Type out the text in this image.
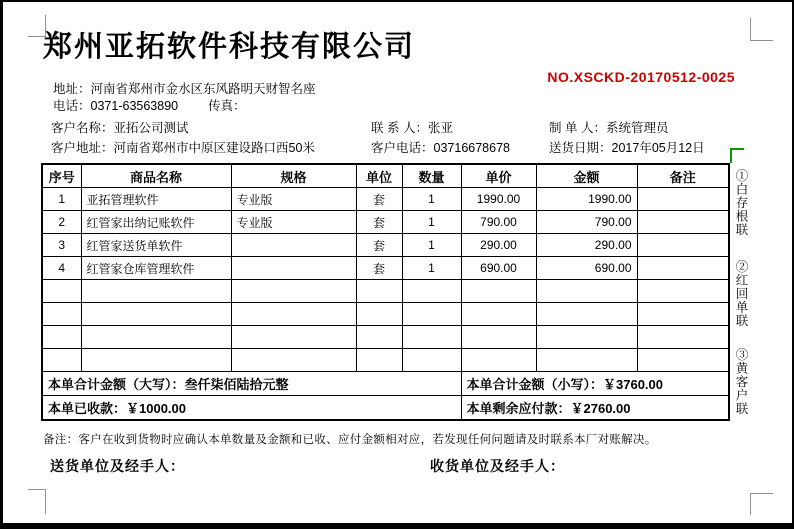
郑州亚拓软件科技有限公司
NO.XSCKD-20170512-0025
地址：河南省郑州市金水区东风路明天财智名座
电话：0371-63563890 传真：
客户名称：亚拓公司测试	联 系 人：张亚	制 单 人：系统管理员
客户地址：河南省郑州市中原区建设路口西50米	客户电话：03716678678	送货日期：2017年05月12日
序号	商品名称	规格	单位	数量	单价	金额	备注
1	亚拓管理软件	专业版	套	1	1990.00	1990.00	
2	红管家出纳记账软件	专业版	套	1	790.00	790.00	
3	红管家送货单软件		套	1	290.00	290.00	
4	红管家仓库管理软件		套	1	690.00	690.00	

本单合计金额（大写）：叁仟柒佰陆拾元整					本单合计金额（小写）：￥3760.00		
本单已收款：￥1000.00					本单剩余应付款：￥2760.00		
①白存根联
②红回单联
③黄客户联
备注：客户在收到货物时应确认本单数量及金额和已收、应付金额相对应，若发现任何问题请及时联系本厂对账解决。
送货单位及经手人：	收货单位及经手人：
